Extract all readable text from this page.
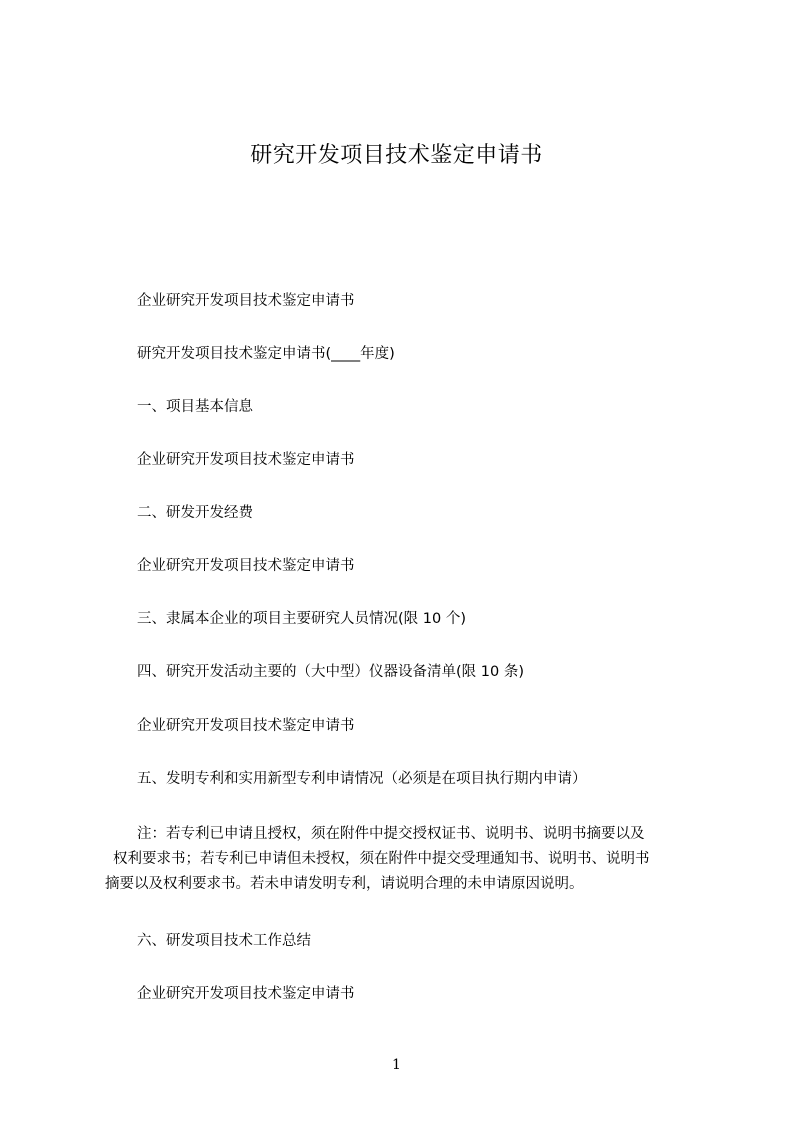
研究开发项目技术鉴定申请书
企业研究开发项目技术鉴定申请书
研究开发项目技术鉴定申请书(____年度)
一、项目基本信息
企业研究开发项目技术鉴定申请书
二、研发开发经费
企业研究开发项目技术鉴定申请书
三、隶属本企业的项目主要研究人员情况(限 10 个)
四、研究开发活动主要的（大中型）仪器设备清单(限 10 条)
企业研究开发项目技术鉴定申请书
五、发明专利和实用新型专利申请情况（必须是在项目执行期内申请）
注：若专利已申请且授权，须在附件中提交授权证书、说明书、说明书摘要以及
权利要求书；若专利已申请但未授权，须在附件中提交受理通知书、说明书、说明书
摘要以及权利要求书。若未申请发明专利，请说明合理的未申请原因说明。
六、研发项目技术工作总结
企业研究开发项目技术鉴定申请书
1
